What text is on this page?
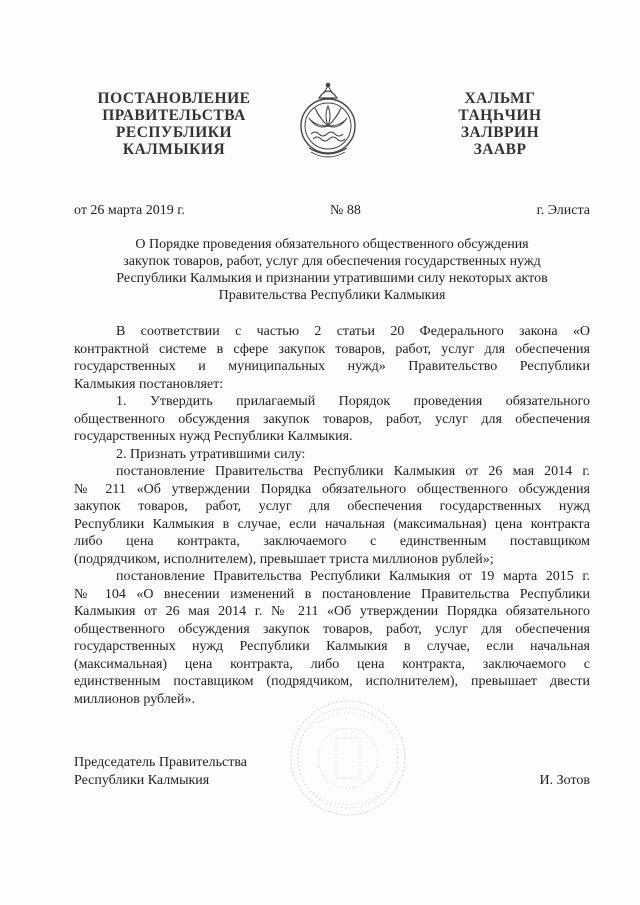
ПОСТАНОВЛЕНИЕ
ПРАВИТЕЛЬСТВА
РЕСПУБЛИКИ
КАЛМЫКИЯ
ХАЛЬМГ
ТАҢҺЧИН
ЗАЛВРИН
ЗААВР
от 26 марта 2019 г.	№ 88	г. Элиста
О Порядке проведения обязательного общественного обсуждения
закупок товаров, работ, услуг для обеспечения государственных нужд
Республики Калмыкия и признании утратившими силу некоторых актов
Правительства Республики Калмыкия
В соответствии с частью 2 статьи 20 Федерального закона «О
контрактной системе в сфере закупок товаров, работ, услуг для обеспечения
государственных и муниципальных нужд» Правительство Республики
Калмыкия постановляет:
1. Утвердить прилагаемый Порядок проведения обязательного
общественного обсуждения закупок товаров, работ, услуг для обеспечения
государственных нужд Республики Калмыкия.
2. Признать утратившими силу:
постановление Правительства Республики Калмыкия от 26 мая 2014 г.
№ 211 «Об утверждении Порядка обязательного общественного обсуждения
закупок товаров, работ, услуг для обеспечения государственных нужд
Республики Калмыкия в случае, если начальная (максимальная) цена контракта
либо цена контракта, заключаемого с единственным поставщиком
(подрядчиком, исполнителем), превышает триста миллионов рублей»;
постановление Правительства Республики Калмыкия от 19 марта 2015 г.
№ 104 «О внесении изменений в постановление Правительства Республики
Калмыкия от 26 мая 2014 г. № 211 «Об утверждении Порядка обязательного
общественного обсуждения закупок товаров, работ, услуг для обеспечения
государственных нужд Республики Калмыкия в случае, если начальная
(максимальная) цена контракта, либо цена контракта, заключаемого с
единственным поставщиком (подрядчиком, исполнителем), превышает двести
миллионов рублей».
Председатель Правительства
Республики Калмыкия	И. Зотов
